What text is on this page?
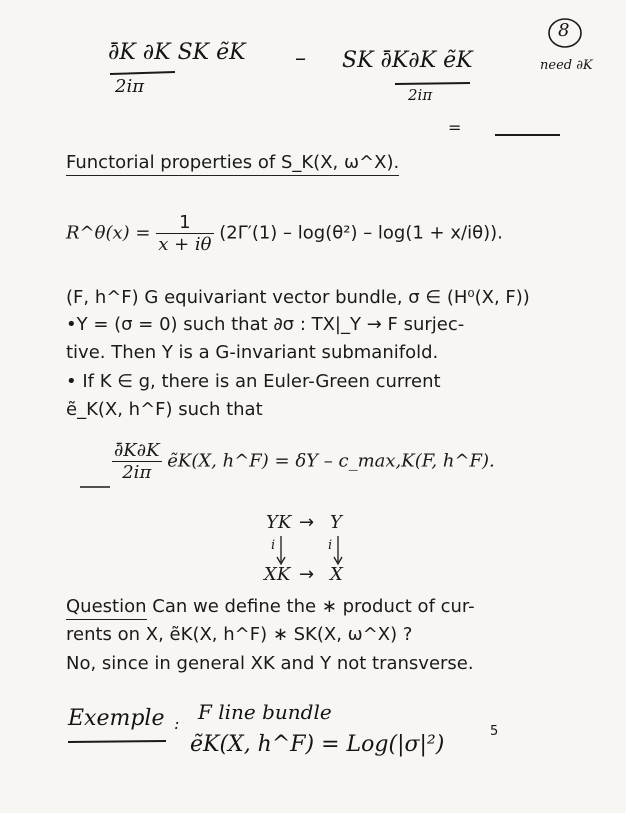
∂̄K ∂K SK ẽK
2iπ
– SK ∂̄K∂K ẽK
2iπ
8
need ∂K
=
Functorial properties of S_K(X, ω^X).
R^θ(x) = $\frac{1}{x + i\theta} (2\Gamma'(1) - \log(\theta^2) - \log(1 + x/i\theta))$.
(F, h^F) G equivariant vector bundle, σ ∈ (H⁰(X, F))
•Y = (σ = 0) such that ∂σ : TX|_Y → F surjec-
tive. Then Y is a G-invariant submanifold.
• If K ∈ g, there is an Euler-Green current
ẽ_K(X, h^F) such that
$\frac{\partial̄K\partial K}{2i\pi}$ ẽK(X, h^F) = δY – c_max,K(F, h^F).
YK → Y
i	i
XK → X
Question Can we define the ∗ product of cur-
rents on X, ẽK(X, h^F) ∗ SK(X, ω^X) ?
No, since in general XK and Y not transverse.
Exemple : F line bundle
ẽK(X, h^F) = Log(|σ|²)
5
